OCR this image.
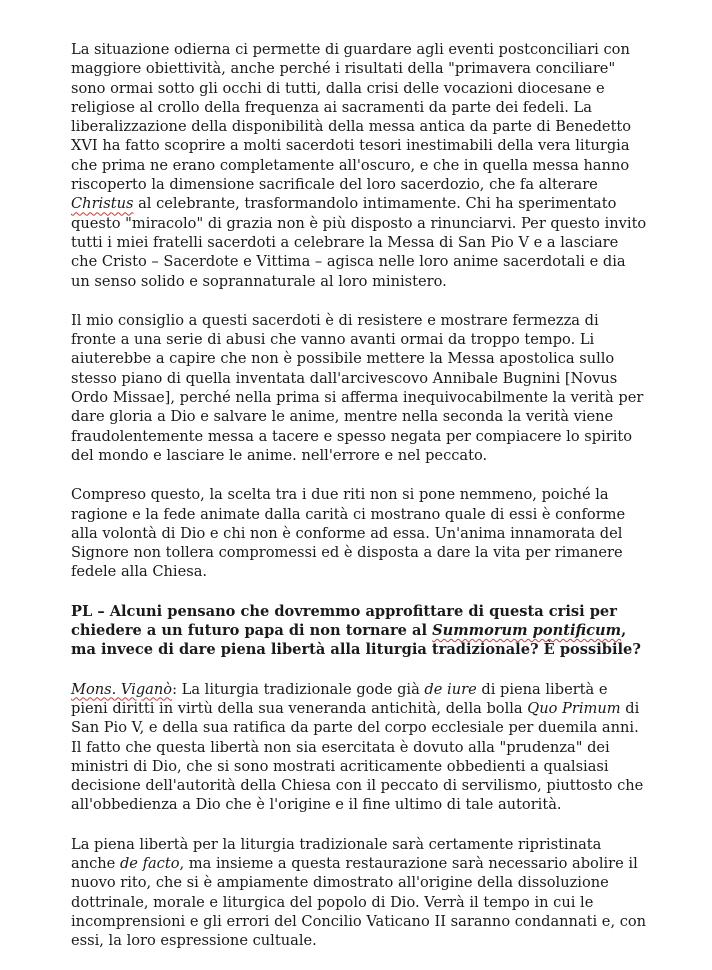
La situazione odierna ci permette di guardare agli eventi postconciliari con maggiore obiettività, anche perché i risultati della "primavera conciliare" sono ormai sotto gli occhi di tutti, dalla crisi delle vocazioni diocesane e religiose al crollo della frequenza ai sacramenti da parte dei fedeli. La liberalizzazione della disponibilità della messa antica da parte di Benedetto XVI ha fatto scoprire a molti sacerdoti tesori inestimabili della vera liturgia che prima ne erano completamente all'oscuro, e che in quella messa hanno riscoperto la dimensione sacrificale del loro sacerdozio, che fa alterare Christus al celebrante, trasformandolo intimamente. Chi ha sperimentato questo "miracolo" di grazia non è più disposto a rinunciarvi. Per questo invito tutti i miei fratelli sacerdoti a celebrare la Messa di San Pio V e a lasciare che Cristo – Sacerdote e Vittima – agisca nelle loro anime sacerdotali e dia un senso solido e soprannaturale al loro ministero.

Il mio consiglio a questi sacerdoti è di resistere e mostrare fermezza di fronte a una serie di abusi che vanno avanti ormai da troppo tempo. Li aiuterebbe a capire che non è possibile mettere la Messa apostolica sullo stesso piano di quella inventata dall'arcivescovo Annibale Bugnini [Novus Ordo Missae], perché nella prima si afferma inequivocabilmente la verità per dare gloria a Dio e salvare le anime, mentre nella seconda la verità viene fraudolentemente messa a tacere e spesso negata per compiacere lo spirito del mondo e lasciare le anime. nell'errore e nel peccato.

Compreso questo, la scelta tra i due riti non si pone nemmeno, poiché la ragione e la fede animate dalla carità ci mostrano quale di essi è conforme alla volontà di Dio e chi non è conforme ad essa. Un'anima innamorata del Signore non tollera compromessi ed è disposta a dare la vita per rimanere fedele alla Chiesa.

PL – Alcuni pensano che dovremmo approfittare di questa crisi per chiedere a un futuro papa di non tornare al Summorum pontificum, ma invece di dare piena libertà alla liturgia tradizionale? È possibile?

Mons. Viganò: La liturgia tradizionale gode già de iure di piena libertà e pieni diritti in virtù della sua veneranda antichità, della bolla Quo Primum di San Pio V, e della sua ratifica da parte del corpo ecclesiale per duemila anni. Il fatto che questa libertà non sia esercitata è dovuto alla "prudenza" dei ministri di Dio, che si sono mostrati acriticamente obbedienti a qualsiasi decisione dell'autorità della Chiesa con il peccato di servilismo, piuttosto che all'obbedienza a Dio che è l'origine e il fine ultimo di tale autorità.

La piena libertà per la liturgia tradizionale sarà certamente ripristinata anche de facto, ma insieme a questa restaurazione sarà necessario abolire il nuovo rito, che si è ampiamente dimostrato all'origine della dissoluzione dottrinale, morale e liturgica del popolo di Dio. Verrà il tempo in cui le incomprensioni e gli errori del Concilio Vaticano II saranno condannati e, con essi, la loro espressione cultuale.
